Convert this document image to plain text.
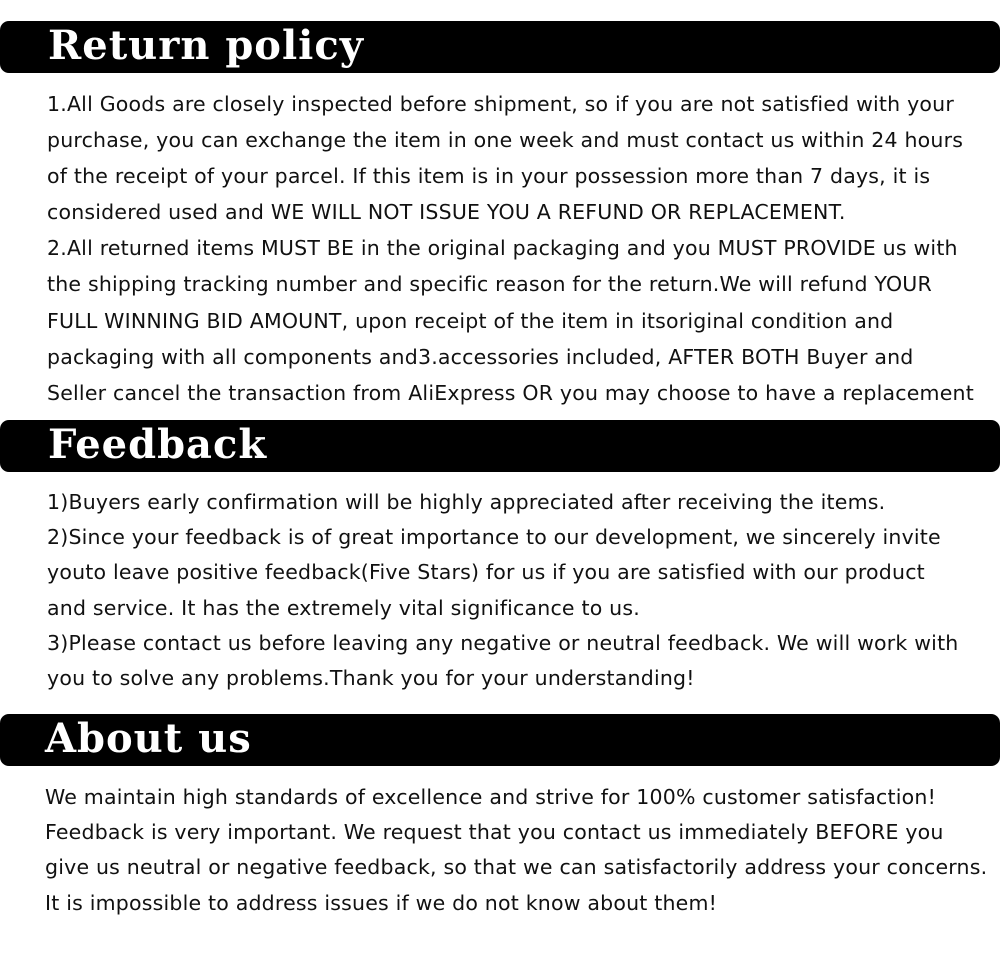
Return policy
1.All Goods are closely inspected before shipment, so if you are not satisfied with your
purchase, you can exchange the item in one week and must contact us within 24 hours
of the receipt of your parcel. If this item is in your possession more than 7 days, it is
considered used and WE WILL NOT ISSUE YOU A REFUND OR REPLACEMENT.
2.All returned items MUST BE in the original packaging and you MUST PROVIDE us with
the shipping tracking number and specific reason for the return.We will refund YOUR
FULL WINNING BID AMOUNT, upon receipt of the item in itsoriginal condition and
packaging with all components and3.accessories included, AFTER BOTH Buyer and
Seller cancel the transaction from AliExpress OR you may choose to have a replacement
Feedback
1)Buyers early confirmation will be highly appreciated after receiving the items.
2)Since your feedback is of great importance to our development, we sincerely invite
youto leave positive feedback(Five Stars) for us if you are satisfied with our product
and service. It has the extremely vital significance to us.
3)Please contact us before leaving any negative or neutral feedback. We will work with
you to solve any problems.Thank you for your understanding!
About us
We maintain high standards of excellence and strive for 100% customer satisfaction!
Feedback is very important. We request that you contact us immediately BEFORE you
give us neutral or negative feedback, so that we can satisfactorily address your concerns.
It is impossible to address issues if we do not know about them!
